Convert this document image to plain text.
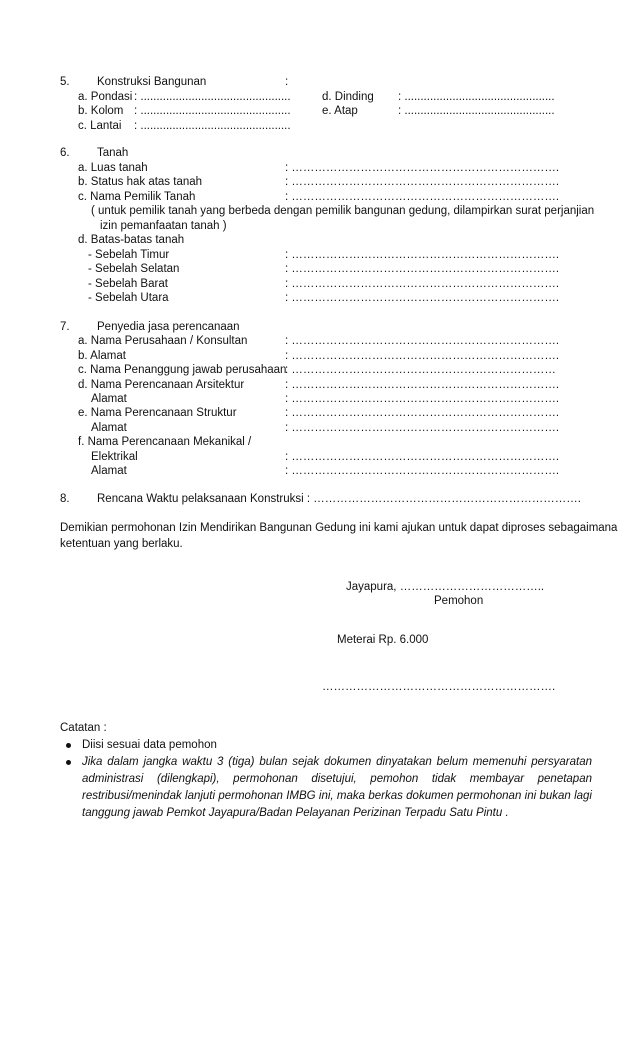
5. Konstruksi Bangunan	:
a. Pondasi : ...............................................
b. Kolom : ...............................................
c. Lantai : ...............................................
d. Dinding : ...............................................
e. Atap	: ...............................................
6. Tanah
a. Luas tanah	: …………………………………………………………….
b. Status hak atas tanah	: …………………………………………………………….
c. Nama Pemilik Tanah	: …………………………………………………………….
( untuk pemilik tanah yang berbeda dengan pemilik bangunan gedung, dilampirkan surat perjanjian
izin pemanfaatan tanah )
d. Batas-batas tanah
- Sebelah Timur	: …………………………………………………………….
- Sebelah Selatan	: …………………………………………………………….
- Sebelah Barat	: …………………………………………………………….
- Sebelah Utara	: …………………………………………………………….
7. Penyedia jasa perencanaan
a. Nama Perusahaan / Konsultan	: …………………………………………………………….
b. Alamat	: …………………………………………………………….
c. Nama Penanggung jawab perusahaan
: ……………………………………………………………
d. Nama Perencanaan Arsitektur	: …………………………………………………………….
Alamat	: …………………………………………………………….
e. Nama Perencanaan Struktur	: …………………………………………………………….
Alamat	: …………………………………………………………….
f. Nama Perencanaan Mekanikal /
Elektrikal	: …………………………………………………………….
Alamat	: …………………………………………………………….
8. Rencana Waktu pelaksanaan Konstruksi : …………………………………………………………….
Demikian permohonan Izin Mendirikan Bangunan Gedung ini kami ajukan untuk dapat diproses sebagaimana
ketentuan yang berlaku.
Jayapura, ………………………………..
Pemohon
Meterai Rp. 6.000
…………………………………………………….
Catatan :
Diisi sesuai data pemohon
Jika dalam jangka waktu 3 (tiga) bulan sejak dokumen dinyatakan belum memenuhi persyaratan administrasi (dilengkapi), permohonan disetujui, pemohon tidak membayar penetapan restribusi/menindak lanjuti permohonan IMBG ini, maka berkas dokumen permohonan ini bukan lagi tanggung jawab Pemkot Jayapura/Badan Pelayanan Perizinan Terpadu Satu Pintu .
